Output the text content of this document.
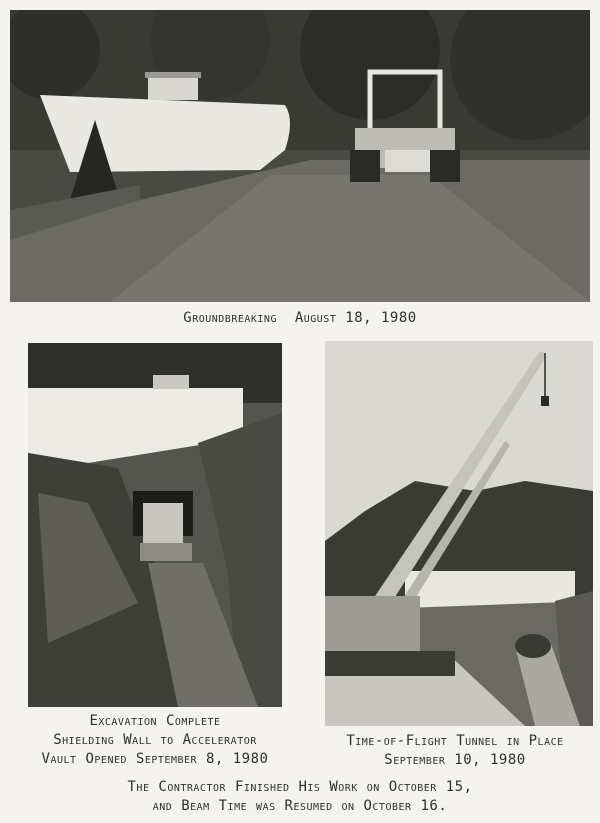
Groundbreaking  August 18, 1980
Excavation Complete
Shielding Wall to Accelerator
Vault Opened September 8, 1980
Time-of-Flight Tunnel in Place
September 10, 1980
The Contractor Finished His Work on October 15,
and Beam Time was Resumed on October 16.
